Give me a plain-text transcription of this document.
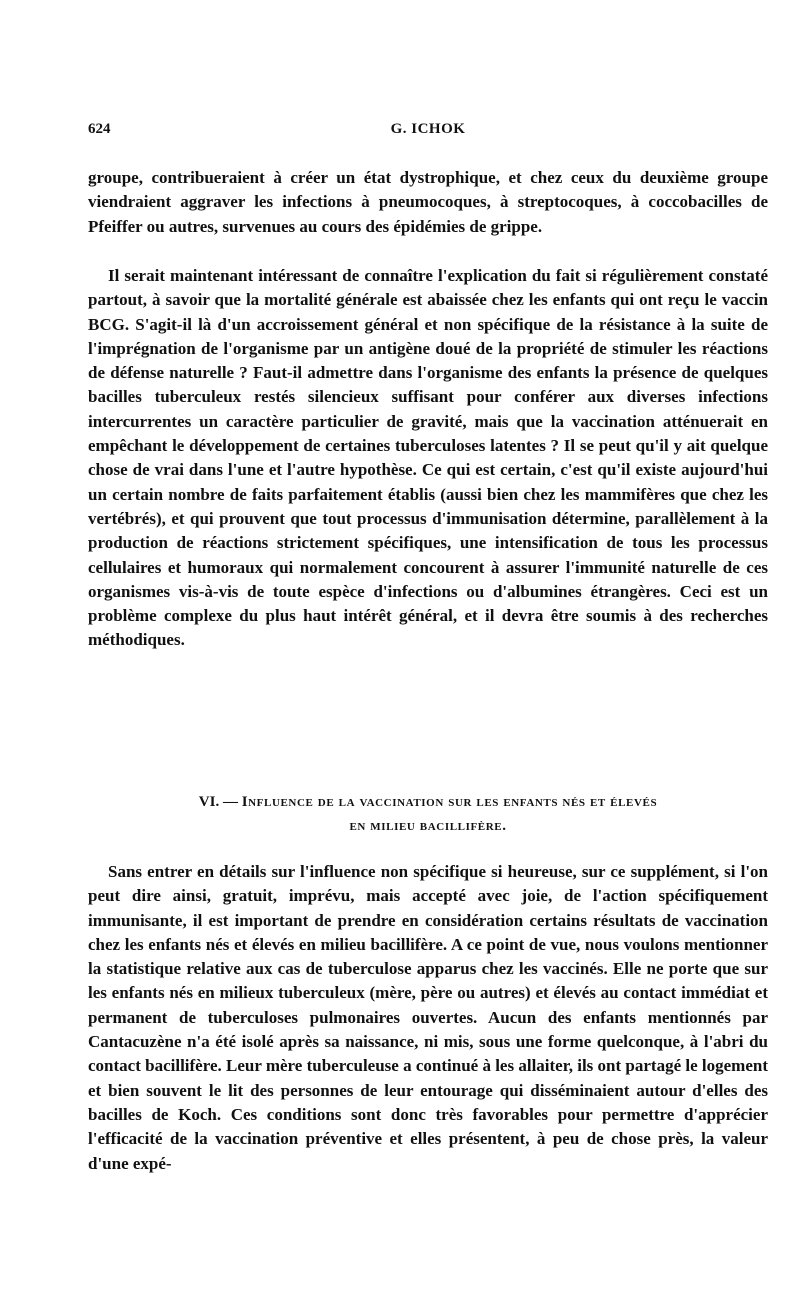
624	G. ICHOK

groupe, contribueraient à créer un état dystrophique, et chez ceux du deuxième groupe viendraient aggraver les infections à pneumocoques, à streptocoques, à coccobacilles de Pfeiffer ou autres, survenues au cours des épidémies de grippe.

Il serait maintenant intéressant de connaître l'explication du fait si régulièrement constaté partout, à savoir que la mortalité générale est abaissée chez les enfants qui ont reçu le vaccin BCG. S'agit-il là d'un accroissement général et non spécifique de la résistance à la suite de l'imprégnation de l'organisme par un antigène doué de la propriété de stimuler les réactions de défense naturelle ? Faut-il admettre dans l'organisme des enfants la présence de quelques bacilles tuberculeux restés silencieux suffisant pour conférer aux diverses infections intercurrentes un caractère particulier de gravité, mais que la vaccination atténuerait en empêchant le développement de certaines tuberculoses latentes ? Il se peut qu'il y ait quelque chose de vrai dans l'une et l'autre hypothèse. Ce qui est certain, c'est qu'il existe aujourd'hui un certain nombre de faits parfaitement établis (aussi bien chez les mammifères que chez les vertébrés), et qui prouvent que tout processus d'immunisation détermine, parallèlement à la production de réactions strictement spécifiques, une intensification de tous les processus cellulaires et humoraux qui normalement concourent à assurer l'immunité naturelle de ces organismes vis-à-vis de toute espèce d'infections ou d'albumines étrangères. Ceci est un problème complexe du plus haut intérêt général, et il devra être soumis à des recherches méthodiques.

VI. — Influence de la vaccination sur les enfants nés et élevés
en milieu bacillifère.

Sans entrer en détails sur l'influence non spécifique si heureuse, sur ce supplément, si l'on peut dire ainsi, gratuit, imprévu, mais accepté avec joie, de l'action spécifiquement immunisante, il est important de prendre en considération certains résultats de vaccination chez les enfants nés et élevés en milieu bacillifère. A ce point de vue, nous voulons mentionner la statistique relative aux cas de tuberculose apparus chez les vaccinés. Elle ne porte que sur les enfants nés en milieux tuberculeux (mère, père ou autres) et élevés au contact immédiat et permanent de tuberculoses pulmonaires ouvertes. Aucun des enfants mentionnés par Cantacuzène n'a été isolé après sa naissance, ni mis, sous une forme quelconque, à l'abri du contact bacillifère. Leur mère tuberculeuse a continué à les allaiter, ils ont partagé le logement et bien souvent le lit des personnes de leur entourage qui disséminaient autour d'elles des bacilles de Koch. Ces conditions sont donc très favorables pour permettre d'apprécier l'efficacité de la vaccination préventive et elles présentent, à peu de chose près, la valeur d'une expé-
